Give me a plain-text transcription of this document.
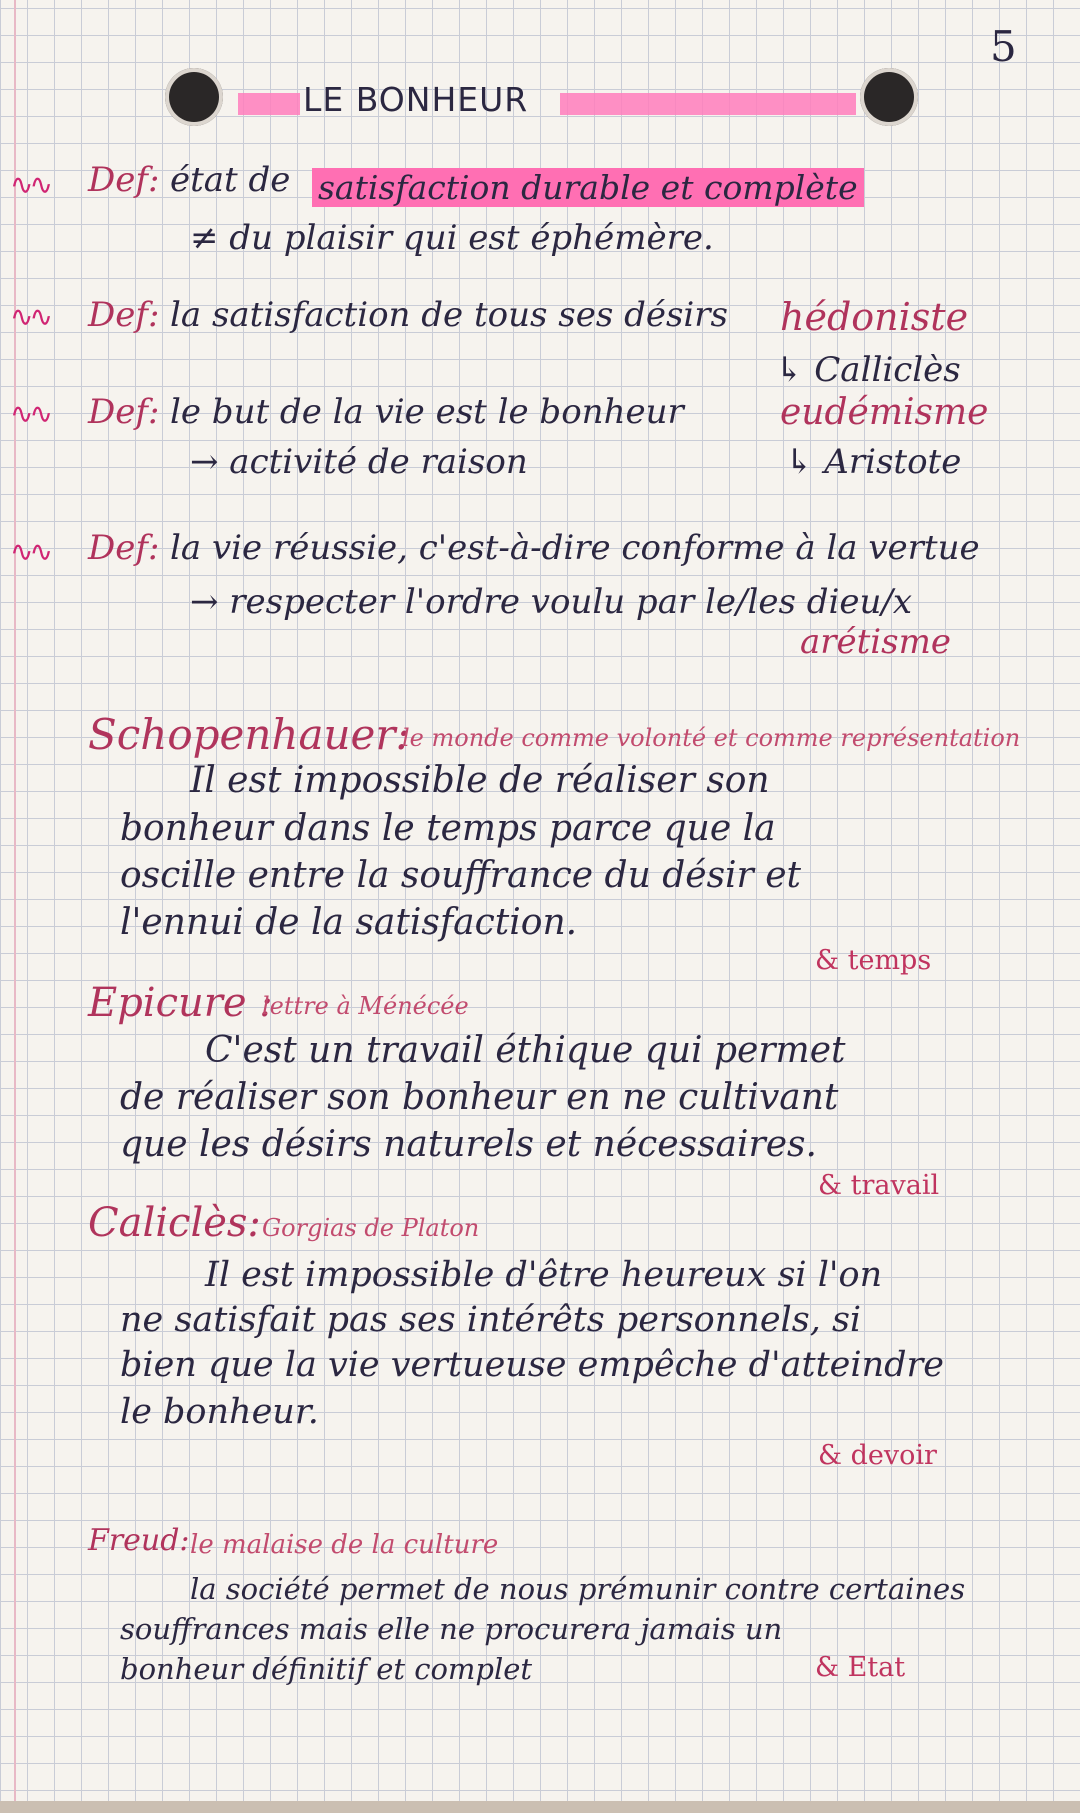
5
LE BONHEUR
∿∿ Def: état de satisfaction durable et complète
≠ du plaisir qui est éphémère.
∿∿ Def: la satisfaction de tous ses désirs hédoniste
↳ Calliclès
∿∿ Def: le but de la vie est le bonheur	eudémisme
→ activité de raison	↳ Aristote
∿∿ Def: la vie réussie, c'est-à-dire conforme à la vertue
→ respecter l'ordre voulu par le/les dieu/x
arétisme
Schopenhauer:
le monde comme volonté et comme représentation
Il est impossible de réaliser son
bonheur dans le temps parce que la
oscille entre la souffrance du désir et
l'ennui de la satisfaction.
& temps
Epicure :
lettre à Ménécée
C'est un travail éthique qui permet
de réaliser son bonheur en ne cultivant
que les désirs naturels et nécessaires.
& travail
Caliclès: Gorgias de Platon
Il est impossible d'être heureux si l'on
ne satisfait pas ses intérêts personnels, si
bien que la vie vertueuse empêche d'atteindre
le bonheur.
& devoir
Freud: le malaise de la culture
la société permet de nous prémunir contre certaines
souffrances mais elle ne procurera jamais un
bonheur définitif et complet	& Etat
